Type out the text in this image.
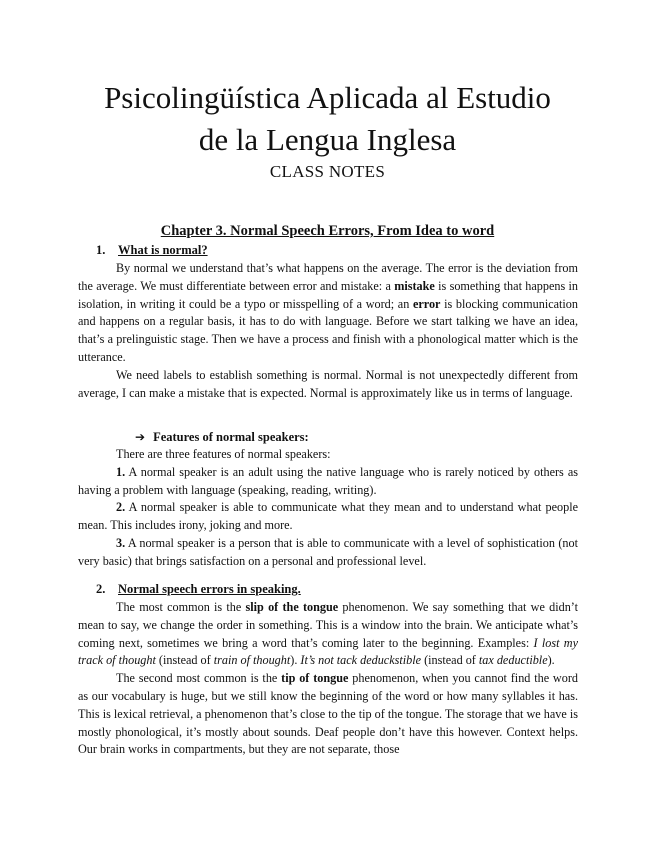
Psicolingüística Aplicada al Estudio
de la Lengua Inglesa
CLASS NOTES
Chapter 3. Normal Speech Errors, From Idea to word
1. What is normal?

By normal we understand that’s what happens on the average. The error is the deviation from the average. We must differentiate between error and mistake: a mistake is something that happens in isolation, in writing it could be a typo or misspelling of a word; an error is blocking communication and happens on a regular basis, it has to do with language. Before we start talking we have an idea, that’s a prelinguistic stage. Then we have a process and finish with a phonological matter which is the utterance.

We need labels to establish something is normal. Normal is not unexpectedly different from average, I can make a mistake that is expected. Normal is approximately like us in terms of language.

➔ Features of normal speakers:

There are three features of normal speakers:

1. A normal speaker is an adult using the native language who is rarely noticed by others as having a problem with language (speaking, reading, writing).

2. A normal speaker is able to communicate what they mean and to understand what people mean. This includes irony, joking and more.

3. A normal speaker is a person that is able to communicate with a level of sophistication (not very basic) that brings satisfaction on a personal and professional level.

2. Normal speech errors in speaking.

The most common is the slip of the tongue phenomenon. We say something that we didn’t mean to say, we change the order in something. This is a window into the brain. We anticipate what’s coming next, sometimes we bring a word that’s coming later to the beginning. Examples: I lost my track of thought (instead of train of thought). It’s not tack deduckstible (instead of tax deductible).

The second most common is the tip of tongue phenomenon, when you cannot find the word as our vocabulary is huge, but we still know the beginning of the word or how many syllables it has. This is lexical retrieval, a phenomenon that’s close to the tip of the tongue. The storage that we have is mostly phonological, it’s mostly about sounds. Deaf people don’t have this however. Context helps. Our brain works in compartments, but they are not separate, those
